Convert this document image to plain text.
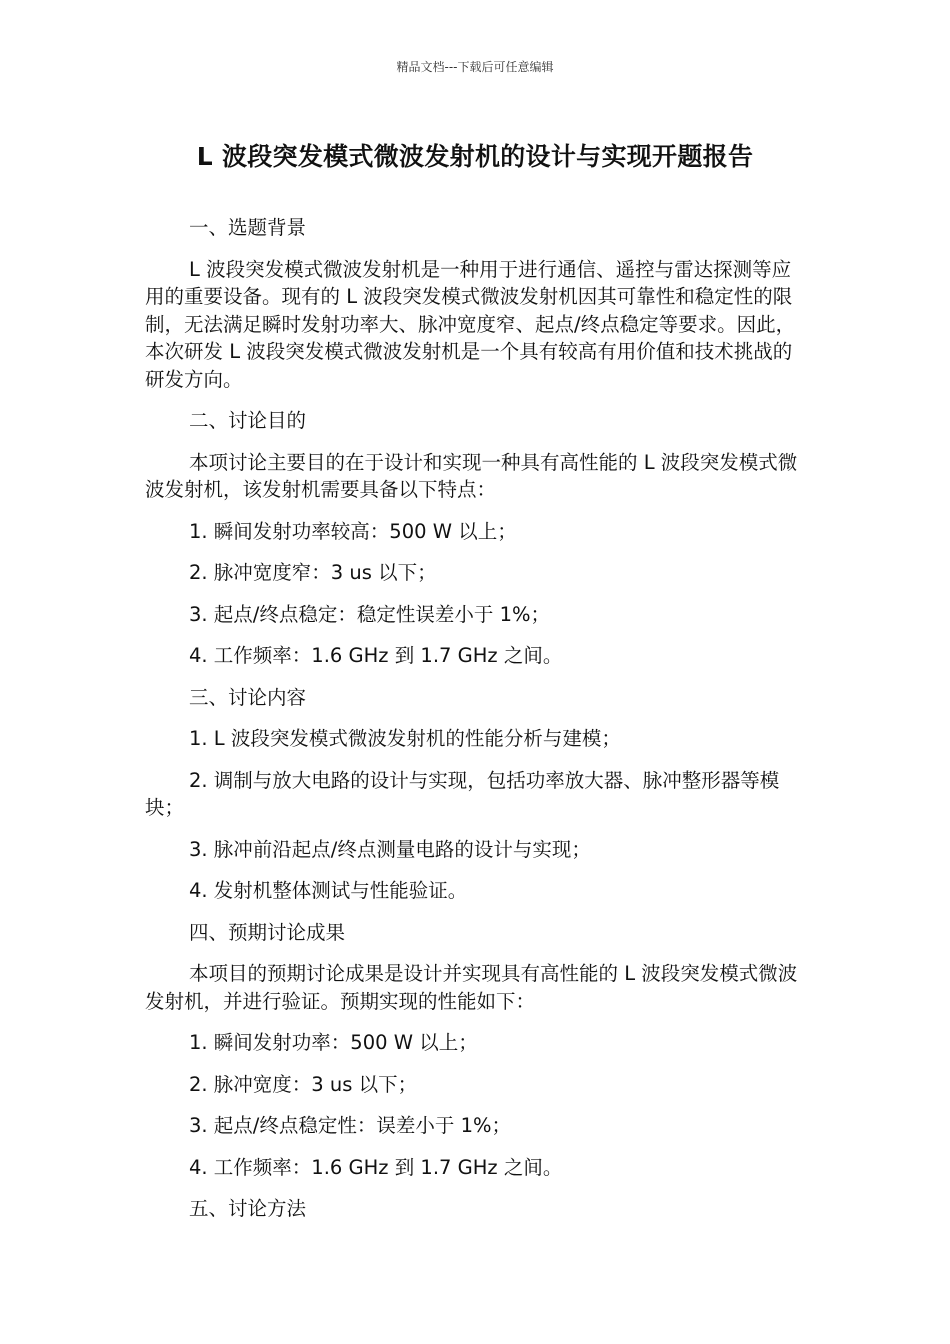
精品文档---下载后可任意编辑
L 波段突发模式微波发射机的设计与实现开题报告

一、选题背景

L 波段突发模式微波发射机是一种用于进行通信、遥控与雷达探测等应用的重要设备。现有的 L 波段突发模式微波发射机因其可靠性和稳定性的限制，无法满足瞬时发射功率大、脉冲宽度窄、起点/终点稳定等要求。因此，本次研发 L 波段突发模式微波发射机是一个具有较高有用价值和技术挑战的研发方向。

二、讨论目的

本项讨论主要目的在于设计和实现一种具有高性能的 L 波段突发模式微波发射机，该发射机需要具备以下特点：

1. 瞬间发射功率较高：500 W 以上；

2. 脉冲宽度窄：3 us 以下；

3. 起点/终点稳定：稳定性误差小于 1%；

4. 工作频率：1.6 GHz 到 1.7 GHz 之间。

三、讨论内容

1. L 波段突发模式微波发射机的性能分析与建模；

2. 调制与放大电路的设计与实现，包括功率放大器、脉冲整形器等模块；

3. 脉冲前沿起点/终点测量电路的设计与实现；

4. 发射机整体测试与性能验证。

四、预期讨论成果

本项目的预期讨论成果是设计并实现具有高性能的 L 波段突发模式微波发射机，并进行验证。预期实现的性能如下：

1. 瞬间发射功率：500 W 以上；

2. 脉冲宽度：3 us 以下；

3. 起点/终点稳定性：误差小于 1%；

4. 工作频率：1.6 GHz 到 1.7 GHz 之间。

五、讨论方法
